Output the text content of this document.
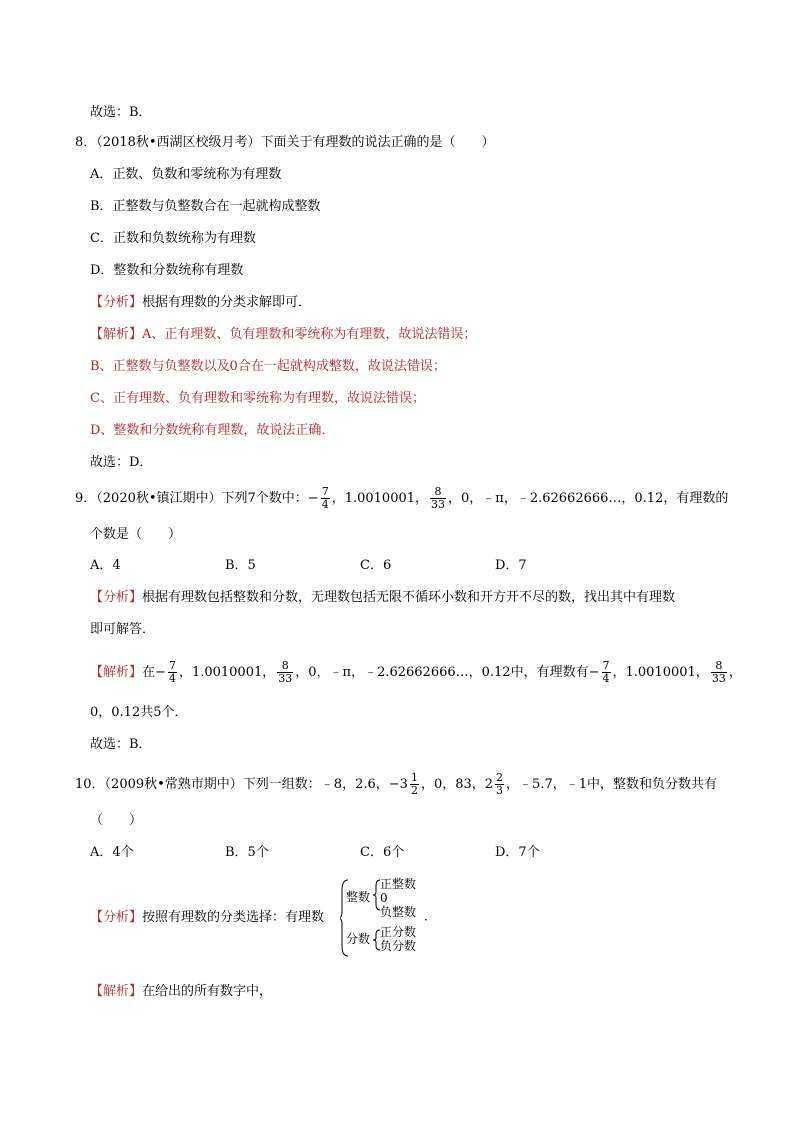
故选：B．
8．（2018秋•西湖区校级月考）下面关于有理数的说法正确的是（　　）
A．正数、负数和零统称为有理数
B．正整数与负整数合在一起就构成整数
C．正数和负数统称为有理数
D．整数和分数统称有理数
【分析】根据有理数的分类求解即可．
【解析】A、正有理数、负有理数和零统称为有理数，故说法错误；
B、正整数与负整数以及0合在一起就构成整数，故说法错误；
C、正有理数、负有理数和零统称为有理数，故说法错误；
D、整数和分数统称有理数，故说法正确．
故选：D．
9．（2020秋•镇江期中）下列7个数中：− $\frac{7}{4}$ ，1.0010001， $\frac{8}{33}$ ，0，﹣π，﹣2.62662666…，0.12，有理数的
个数是（　　）
A．4	B．5	C．6	D．7
【分析】根据有理数包括整数和分数，无理数包括无限不循环小数和开方开不尽的数，找出其中有理数
即可解答．
【解析】在− $\frac{7}{4}$ ，1.0010001， $\frac{8}{33}$ ，0，﹣π，﹣2.62662666…，0.12中，有理数有− $\frac{7}{4}$ ，1.0010001， $\frac{8}{33}$ ，
0，0.12共5个．
故选：B．
10．（2009秋•常熟市期中）下列一组数：﹣8，2.6，$-3 \frac{1}{2}$ ，0，83，$2 \frac{2}{3}$ ，﹣5.7，﹣1中，整数和负分数共有
（　　）
A．4个	B．5个	C．6个	D．7个
【分析】按照有理数的分类选择：有理数
整数
正整数
0
负整数
分数 正分数
负分数
．
【解析】在给出的所有数字中，
